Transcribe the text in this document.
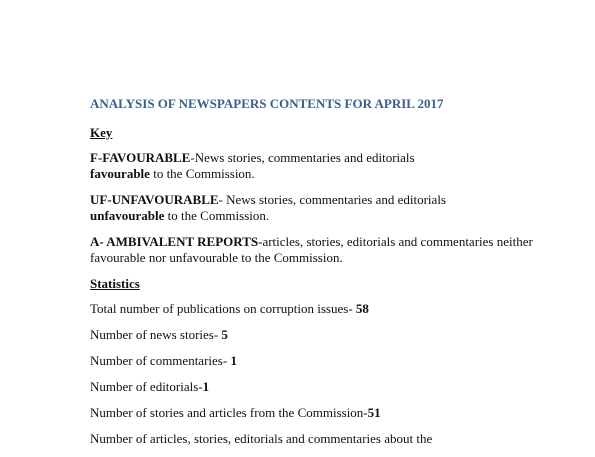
ANALYSIS OF NEWSPAPERS CONTENTS FOR APRIL 2017
Key
F-FAVOURABLE-News stories, commentaries and editorials
favourable to the Commission.
UF-UNFAVOURABLE- News stories, commentaries and editorials
unfavourable to the Commission.
A- AMBIVALENT REPORTS-articles, stories, editorials and commentaries neither favourable nor unfavourable to the Commission.
Statistics
Total number of publications on corruption issues- 58
Number of news stories- 5
Number of commentaries- 1
Number of editorials-1
Number of stories and articles from the Commission-51
Number of articles, stories, editorials and commentaries about the
